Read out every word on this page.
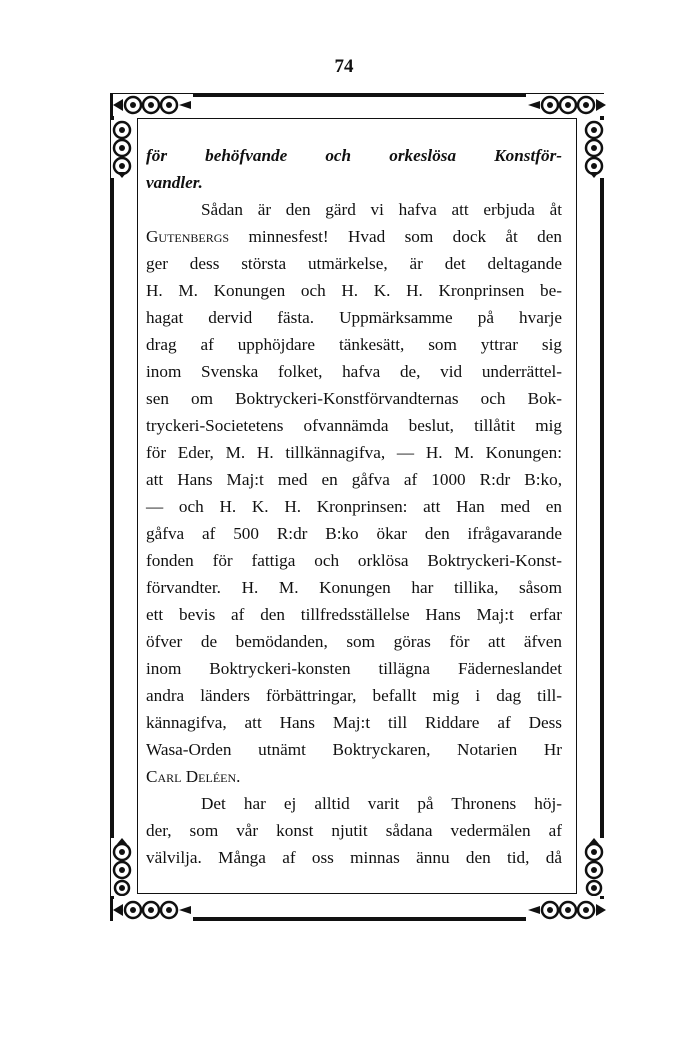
74
för behöfvande och orkeslösa Konstför-
vandler.
Sådan är den gärd vi hafva att erbjuda åt
Gutenbergs minnesfest! Hvad som dock åt den
ger dess största utmärkelse, är det deltagande
H. M. Konungen och H. K. H. Kronprinsen be-
hagat dervid fästa. Uppmärksamme på hvarje
drag af upphöjdare tänkesätt, som yttrar sig
inom Svenska folket, hafva de, vid underrättel-
sen om Boktryckeri-Konstförvandternas och Bok-
tryckeri-Societetens ofvannämda beslut, tillåtit mig
för Eder, M. H. tillkännagifva, — H. M. Konungen:
att Hans Maj:t med en gåfva af 1000 R:dr B:ko,
— och H. K. H. Kronprinsen: att Han med en
gåfva af 500 R:dr B:ko ökar den ifrågavarande
fonden för fattiga och orklösa Boktryckeri-Konst-
förvandter. H. M. Konungen har tillika, såsom
ett bevis af den tillfredsställelse Hans Maj:t erfar
öfver de bemödanden, som göras för att äfven
inom Boktryckeri-konsten tillägna Fäderneslandet
andra länders förbättringar, befallt mig i dag till-
kännagifva, att Hans Maj:t till Riddare af Dess
Wasa-Orden utnämt Boktryckaren, Notarien Hr
Carl Deléen.
Det har ej alltid varit på Thronens höj-
der, som vår konst njutit sådana vedermälen af
välvilja. Många af oss minnas ännu den tid, då
